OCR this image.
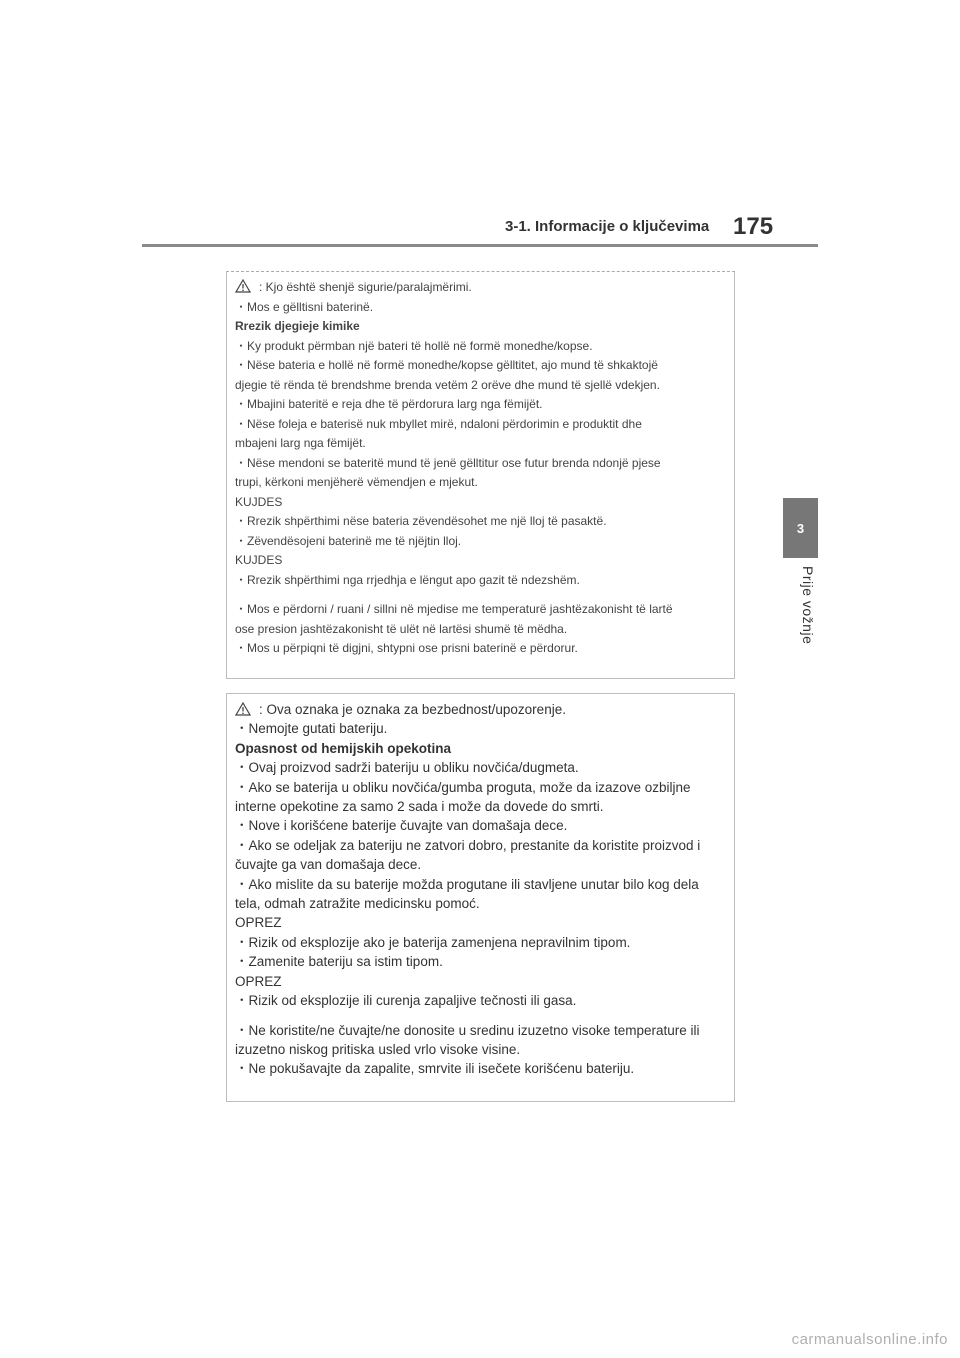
3-1. Informacije o ključevima 175
3
Prije vožnje
: Kjo është shenjë sigurie/paralajmërimi.
・Mos e gëlltisni baterinë.
Rrezik djegieje kimike
・Ky produkt përmban një bateri të hollë në formë monedhe/kopse.
・Nëse bateria e hollë në formë monedhe/kopse gëlltitet, ajo mund të shkaktojë
djegie të rënda të brendshme brenda vetëm 2 orëve dhe mund të sjellë vdekjen.
・Mbajini bateritë e reja dhe të përdorura larg nga fëmijët.
・Nëse foleja e baterisë nuk mbyllet mirë, ndaloni përdorimin e produktit dhe
mbajeni larg nga fëmijët.
・Nëse mendoni se bateritë mund të jenë gëlltitur ose futur brenda ndonjë pjese
trupi, kërkoni menjëherë vëmendjen e mjekut.
KUJDES
・Rrezik shpërthimi nëse bateria zëvendësohet me një lloj të pasaktë.
・Zëvendësojeni baterinë me të njëjtin lloj.
KUJDES
・Rrezik shpërthimi nga rrjedhja e lëngut apo gazit të ndezshëm.
・Mos e përdorni / ruani / sillni në mjedise me temperaturë jashtëzakonisht të lartë
ose presion jashtëzakonisht të ulët në lartësi shumë të mëdha.
・Mos u përpiqni të digjni, shtypni ose prisni baterinë e përdorur.
: Ova oznaka je oznaka za bezbednost/upozorenje.
・Nemojte gutati bateriju.
Opasnost od hemijskih opekotina
・Ovaj proizvod sadrži bateriju u obliku novčića/dugmeta.
・Ako se baterija u obliku novčića/gumba proguta, može da izazove ozbiljne
interne opekotine za samo 2 sada i može da dovede do smrti.
・Nove i korišćene baterije čuvajte van domašaja dece.
・Ako se odeljak za bateriju ne zatvori dobro, prestanite da koristite proizvod i
čuvajte ga van domašaja dece.
・Ako mislite da su baterije možda progutane ili stavljene unutar bilo kog dela
tela, odmah zatražite medicinsku pomoć.
OPREZ
・Rizik od eksplozije ako je baterija zamenjena nepravilnim tipom.
・Zamenite bateriju sa istim tipom.
OPREZ
・Rizik od eksplozije ili curenja zapaljive tečnosti ili gasa.
・Ne koristite/ne čuvajte/ne donosite u sredinu izuzetno visoke temperature ili
izuzetno niskog pritiska usled vrlo visoke visine.
・Ne pokušavajte da zapalite, smrvite ili isečete korišćenu bateriju.
carmanualsonline.info
